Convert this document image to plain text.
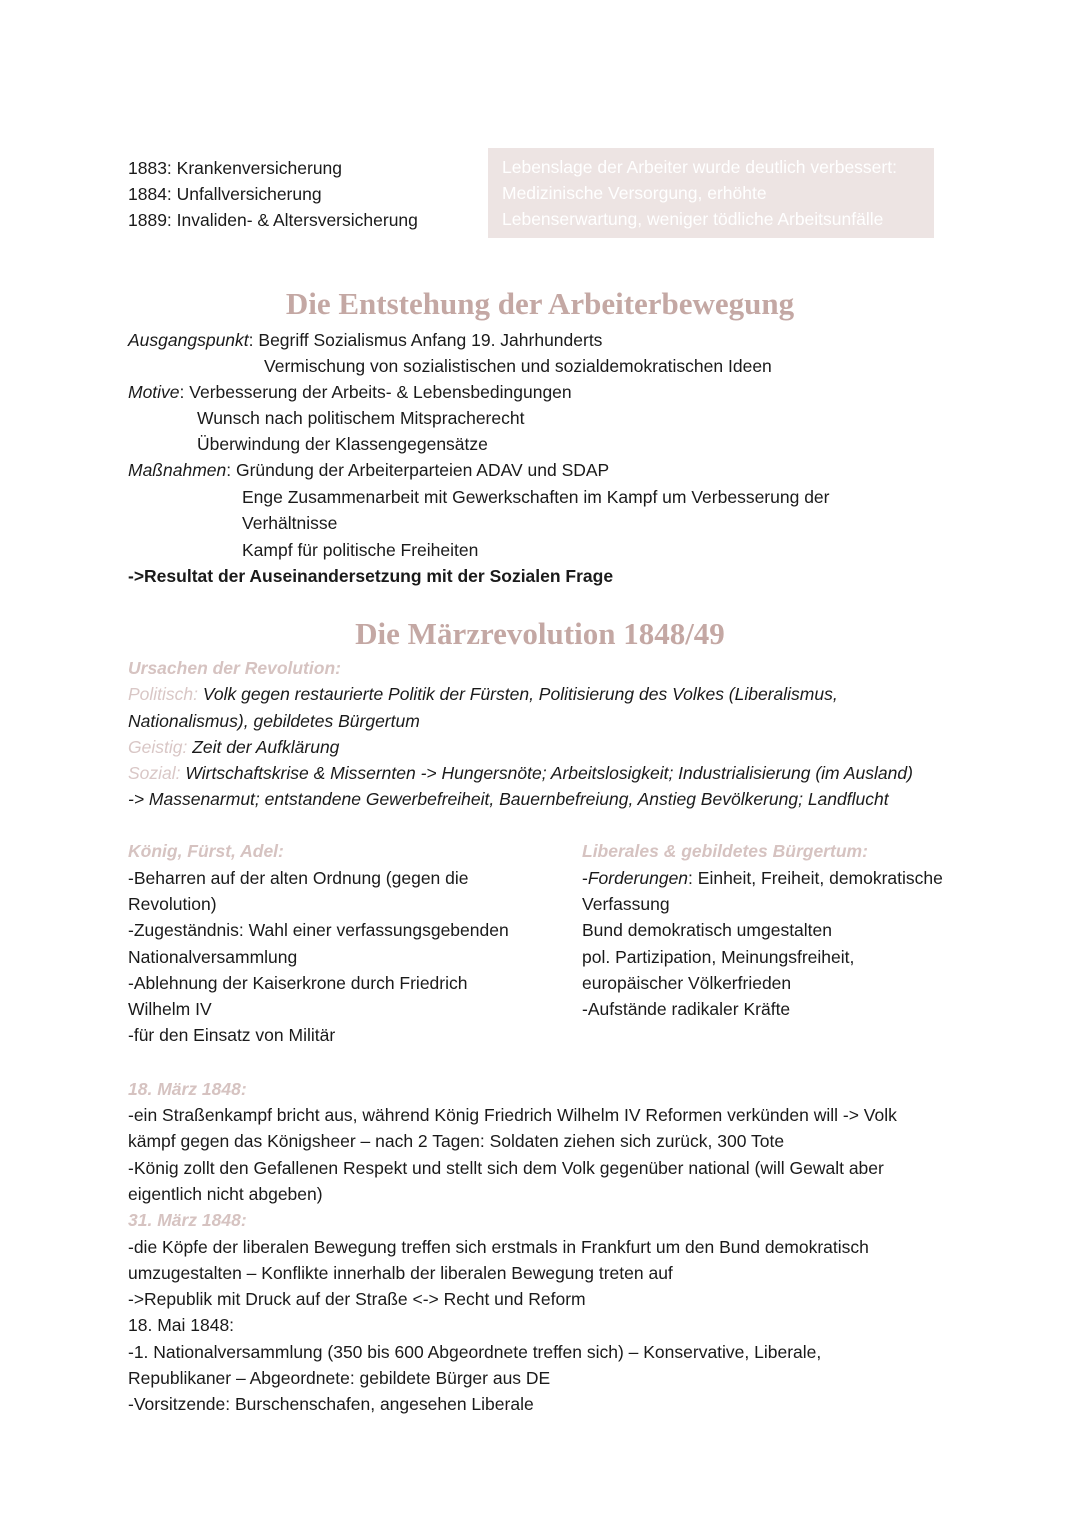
1883: Krankenversicherung
1884: Unfallversicherung
1889: Invaliden- & Altersversicherung
Lebenslage der Arbeiter wurde deutlich verbessert:
Medizinische Versorgung, erhöhte
Lebenserwartung, weniger tödliche Arbeitsunfälle
Die Entstehung der Arbeiterbewegung
Ausgangspunkt: Begriff Sozialismus Anfang 19. Jahrhunderts
Vermischung von sozialistischen und sozialdemokratischen Ideen
Motive: Verbesserung der Arbeits- & Lebensbedingungen
Wunsch nach politischem Mitspracherecht
Überwindung der Klassengegensätze
Maßnahmen: Gründung der Arbeiterparteien ADAV und SDAP
Enge Zusammenarbeit mit Gewerkschaften im Kampf um Verbesserung der
Verhältnisse
Kampf für politische Freiheiten
->Resultat der Auseinandersetzung mit der Sozialen Frage
Die Märzrevolution 1848/49
Ursachen der Revolution:
Politisch: Volk gegen restaurierte Politik der Fürsten, Politisierung des Volkes (Liberalismus,
Nationalismus), gebildetes Bürgertum
Geistig: Zeit der Aufklärung
Sozial: Wirtschaftskrise & Missernten -> Hungersnöte; Arbeitslosigkeit; Industrialisierung (im Ausland)
-> Massenarmut; entstandene Gewerbefreiheit, Bauernbefreiung, Anstieg Bevölkerung; Landflucht
König, Fürst, Adel:
-Beharren auf der alten Ordnung (gegen die
Revolution)
-Zugeständnis: Wahl einer verfassungsgebenden
Nationalversammlung
-Ablehnung der Kaiserkrone durch Friedrich
Wilhelm IV
-für den Einsatz von Militär
Liberales & gebildetes Bürgertum:
-Forderungen: Einheit, Freiheit, demokratische
Verfassung
Bund demokratisch umgestalten
pol. Partizipation, Meinungsfreiheit,
europäischer Völkerfrieden
-Aufstände radikaler Kräfte
18. März 1848:
-ein Straßenkampf bricht aus, während König Friedrich Wilhelm IV Reformen verkünden will -> Volk
kämpf gegen das Königsheer – nach 2 Tagen: Soldaten ziehen sich zurück, 300 Tote
-König zollt den Gefallenen Respekt und stellt sich dem Volk gegenüber national (will Gewalt aber
eigentlich nicht abgeben)
31. März 1848:
-die Köpfe der liberalen Bewegung treffen sich erstmals in Frankfurt um den Bund demokratisch
umzugestalten – Konflikte innerhalb der liberalen Bewegung treten auf
->Republik mit Druck auf der Straße <-> Recht und Reform
18. Mai 1848:
-1. Nationalversammlung (350 bis 600 Abgeordnete treffen sich) – Konservative, Liberale,
Republikaner – Abgeordnete: gebildete Bürger aus DE
-Vorsitzende: Burschenschafen, angesehen Liberale
